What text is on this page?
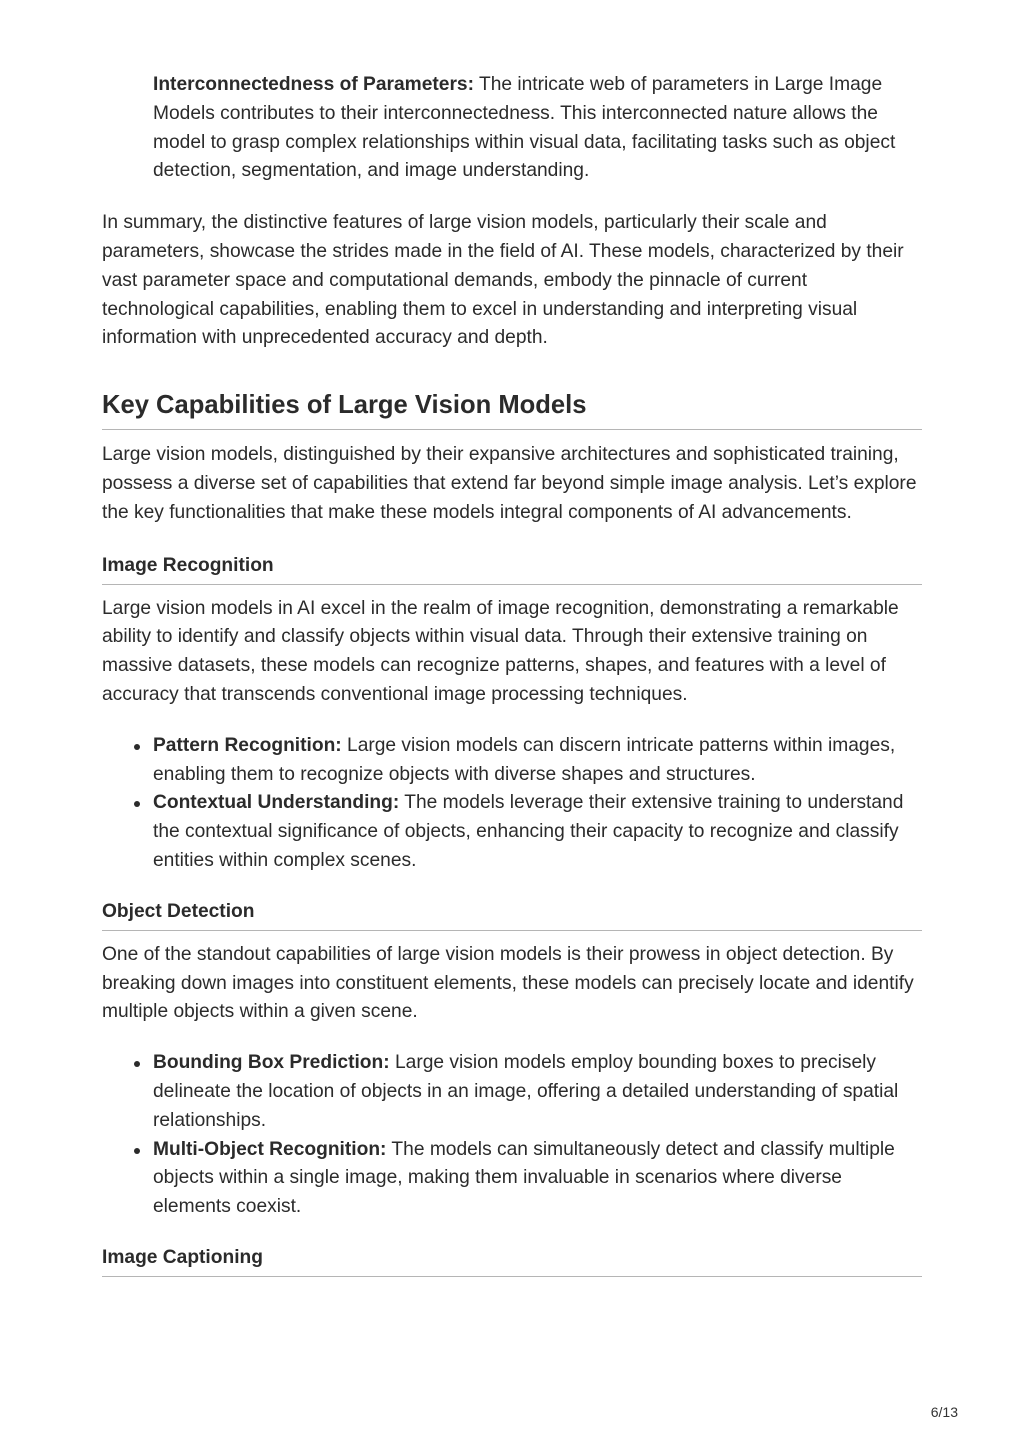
Interconnectedness of Parameters: The intricate web of parameters in Large Image Models contributes to their interconnectedness. This interconnected nature allows the model to grasp complex relationships within visual data, facilitating tasks such as object detection, segmentation, and image understanding.

In summary, the distinctive features of large vision models, particularly their scale and parameters, showcase the strides made in the field of AI. These models, characterized by their vast parameter space and computational demands, embody the pinnacle of current technological capabilities, enabling them to excel in understanding and interpreting visual information with unprecedented accuracy and depth.

Key Capabilities of Large Vision Models

Large vision models, distinguished by their expansive architectures and sophisticated training, possess a diverse set of capabilities that extend far beyond simple image analysis. Let’s explore the key functionalities that make these models integral components of AI advancements.

Image Recognition

Large vision models in AI excel in the realm of image recognition, demonstrating a remarkable ability to identify and classify objects within visual data. Through their extensive training on massive datasets, these models can recognize patterns, shapes, and features with a level of accuracy that transcends conventional image processing techniques.

Pattern Recognition: Large vision models can discern intricate patterns within images, enabling them to recognize objects with diverse shapes and structures.
Contextual Understanding: The models leverage their extensive training to understand the contextual significance of objects, enhancing their capacity to recognize and classify entities within complex scenes.
Object Detection

One of the standout capabilities of large vision models is their prowess in object detection. By breaking down images into constituent elements, these models can precisely locate and identify multiple objects within a given scene.

Bounding Box Prediction: Large vision models employ bounding boxes to precisely delineate the location of objects in an image, offering a detailed understanding of spatial relationships.
Multi-Object Recognition: The models can simultaneously detect and classify multiple objects within a single image, making them invaluable in scenarios where diverse elements coexist.
Image Captioning
6/13
